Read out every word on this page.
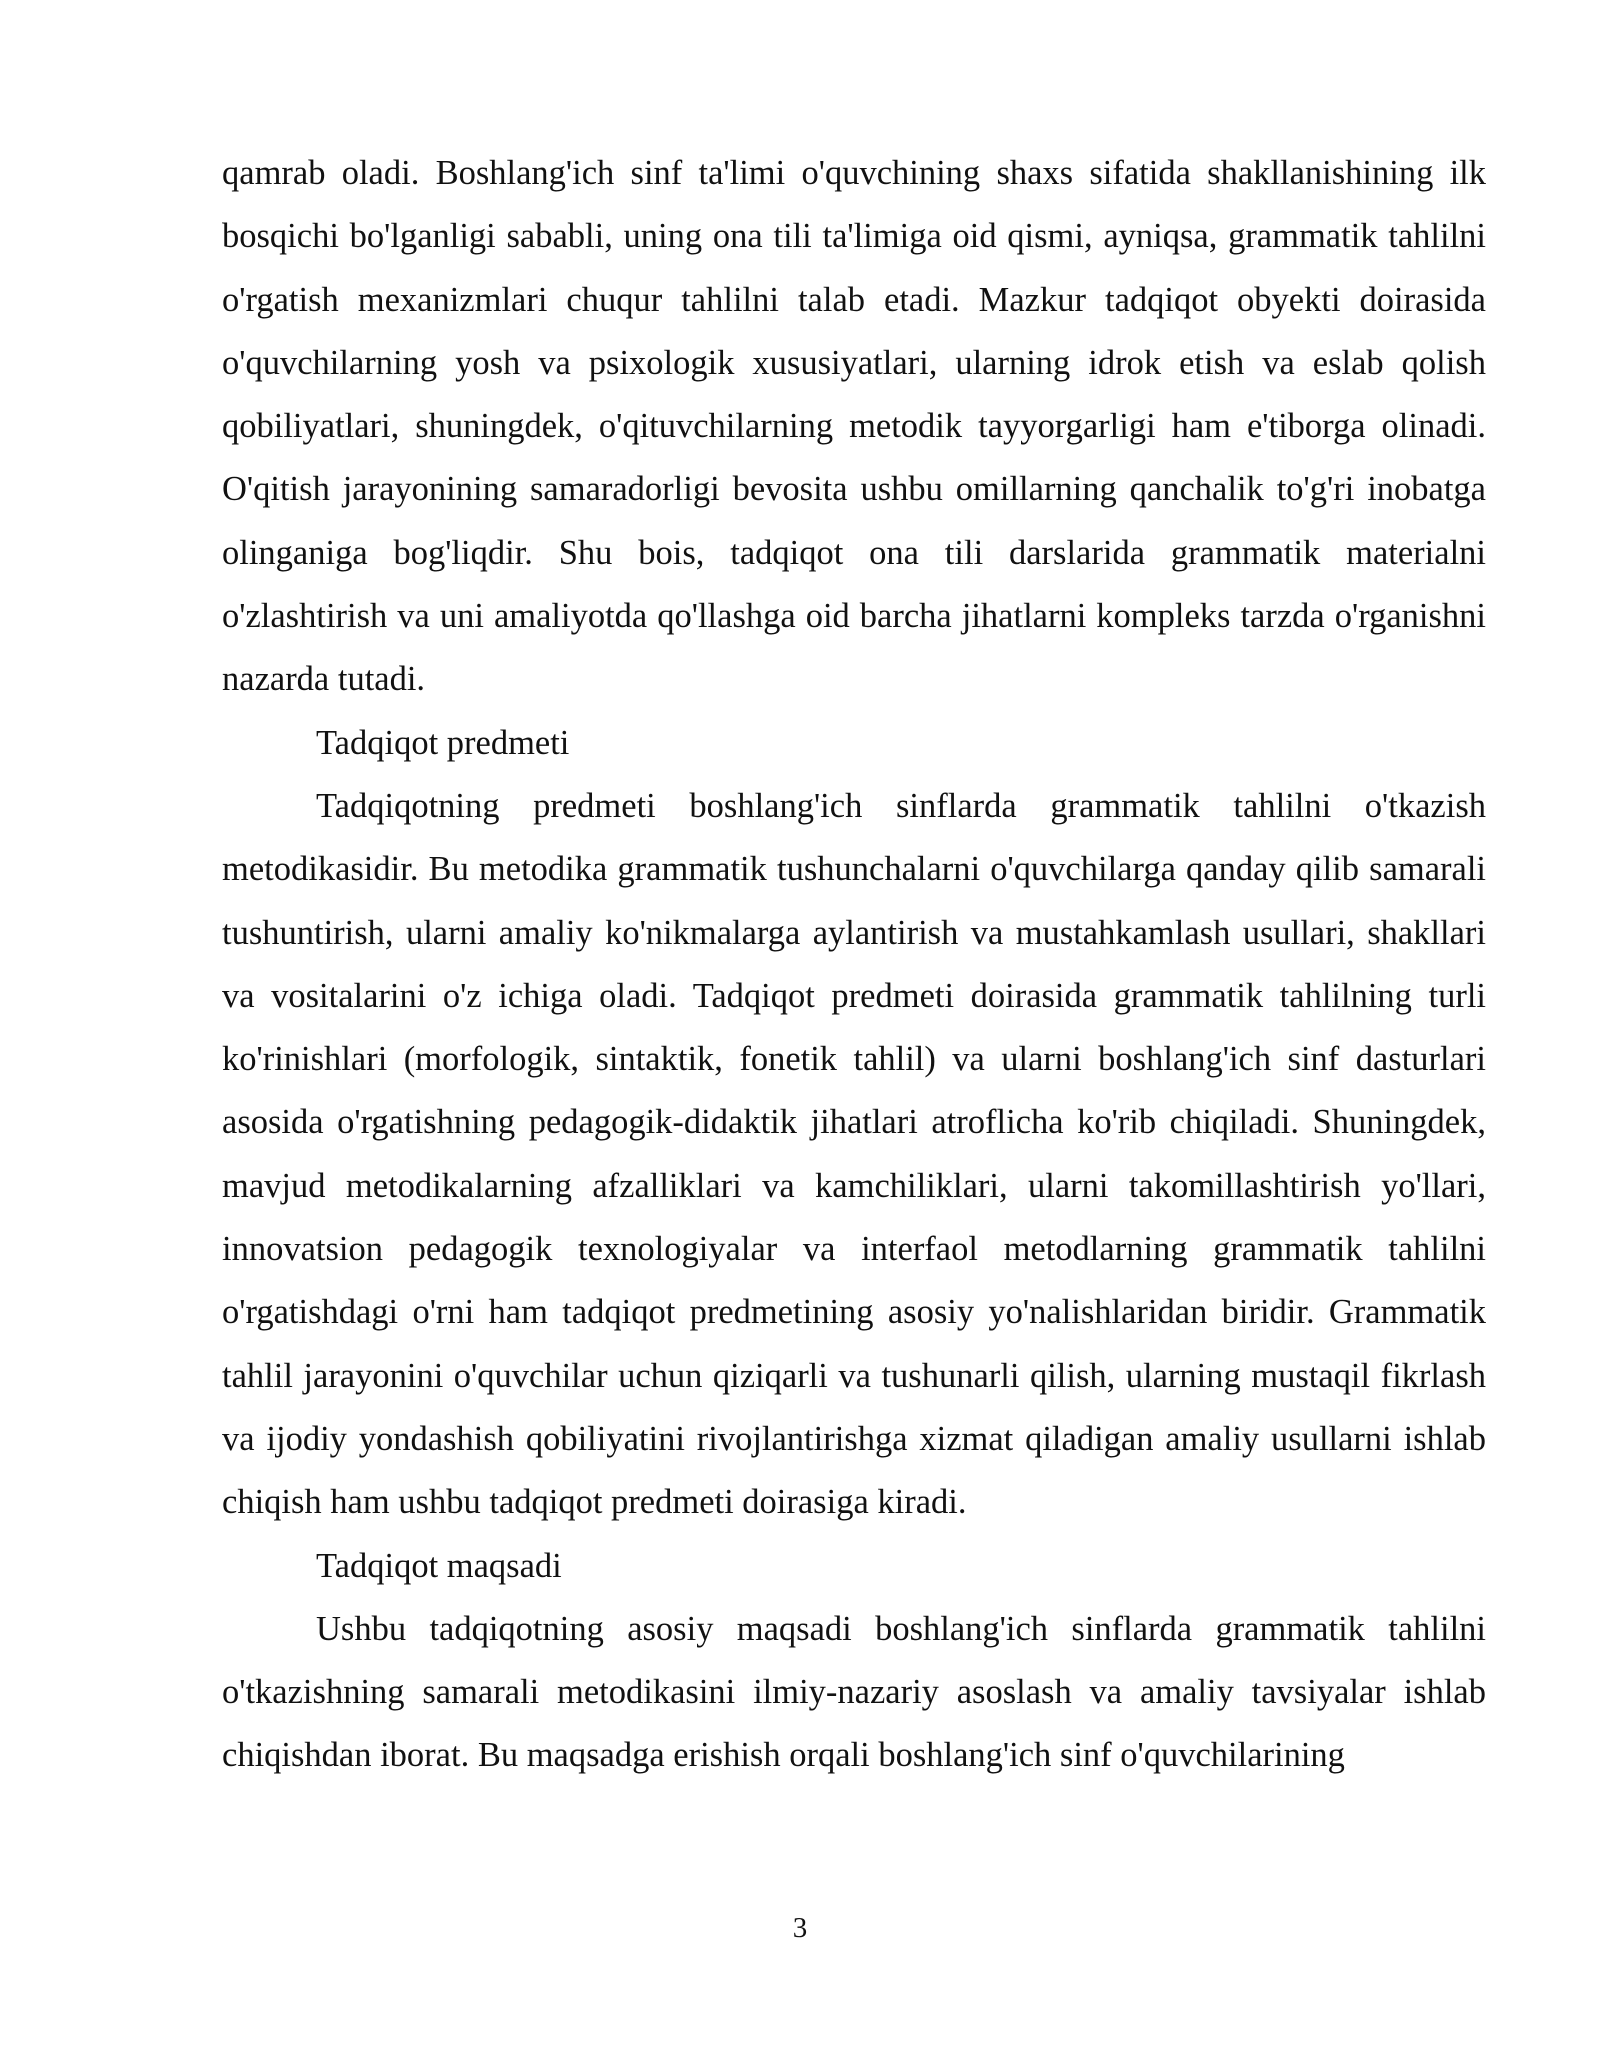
qamrab oladi. Boshlang'ich sinf ta'limi o'quvchining shaxs sifatida shakllanishining ilk bosqichi bo'lganligi sababli, uning ona tili ta'limiga oid qismi, ayniqsa, grammatik tahlilni o'rgatish mexanizmlari chuqur tahlilni talab etadi. Mazkur tadqiqot obyekti doirasida o'quvchilarning yosh va psixologik xususiyatlari, ularning idrok etish va eslab qolish qobiliyatlari, shuningdek, o'qituvchilarning metodik tayyorgarligi ham e'tiborga olinadi. O'qitish jarayonining samaradorligi bevosita ushbu omillarning qanchalik to'g'ri inobatga olinganiga bog'liqdir. Shu bois, tadqiqot ona tili darslarida grammatik materialni o'zlashtirish va uni amaliyotda qo'llashga oid barcha jihatlarni kompleks tarzda o'rganishni nazarda tutadi.

Tadqiqot predmeti

Tadqiqotning predmeti boshlang'ich sinflarda grammatik tahlilni o'tkazish metodikasidir. Bu metodika grammatik tushunchalarni o'quvchilarga qanday qilib samarali tushuntirish, ularni amaliy ko'nikmalarga aylantirish va mustahkamlash usullari, shakllari va vositalarini o'z ichiga oladi. Tadqiqot predmeti doirasida grammatik tahlilning turli ko'rinishlari (morfologik, sintaktik, fonetik tahlil) va ularni boshlang'ich sinf dasturlari asosida o'rgatishning pedagogik-didaktik jihatlari atroflicha ko'rib chiqiladi. Shuningdek, mavjud metodikalarning afzalliklari va kamchiliklari, ularni takomillashtirish yo'llari, innovatsion pedagogik texnologiyalar va interfaol metodlarning grammatik tahlilni o'rgatishdagi o'rni ham tadqiqot predmetining asosiy yo'nalishlaridan biridir. Grammatik tahlil jarayonini o'quvchilar uchun qiziqarli va tushunarli qilish, ularning mustaqil fikrlash va ijodiy yondashish qobiliyatini rivojlantirishga xizmat qiladigan amaliy usullarni ishlab chiqish ham ushbu tadqiqot predmeti doirasiga kiradi.

Tadqiqot maqsadi

Ushbu tadqiqotning asosiy maqsadi boshlang'ich sinflarda grammatik tahlilni o'tkazishning samarali metodikasini ilmiy-nazariy asoslash va amaliy tavsiyalar ishlab chiqishdan iborat. Bu maqsadga erishish orqali boshlang'ich sinf o'quvchilarining

3
